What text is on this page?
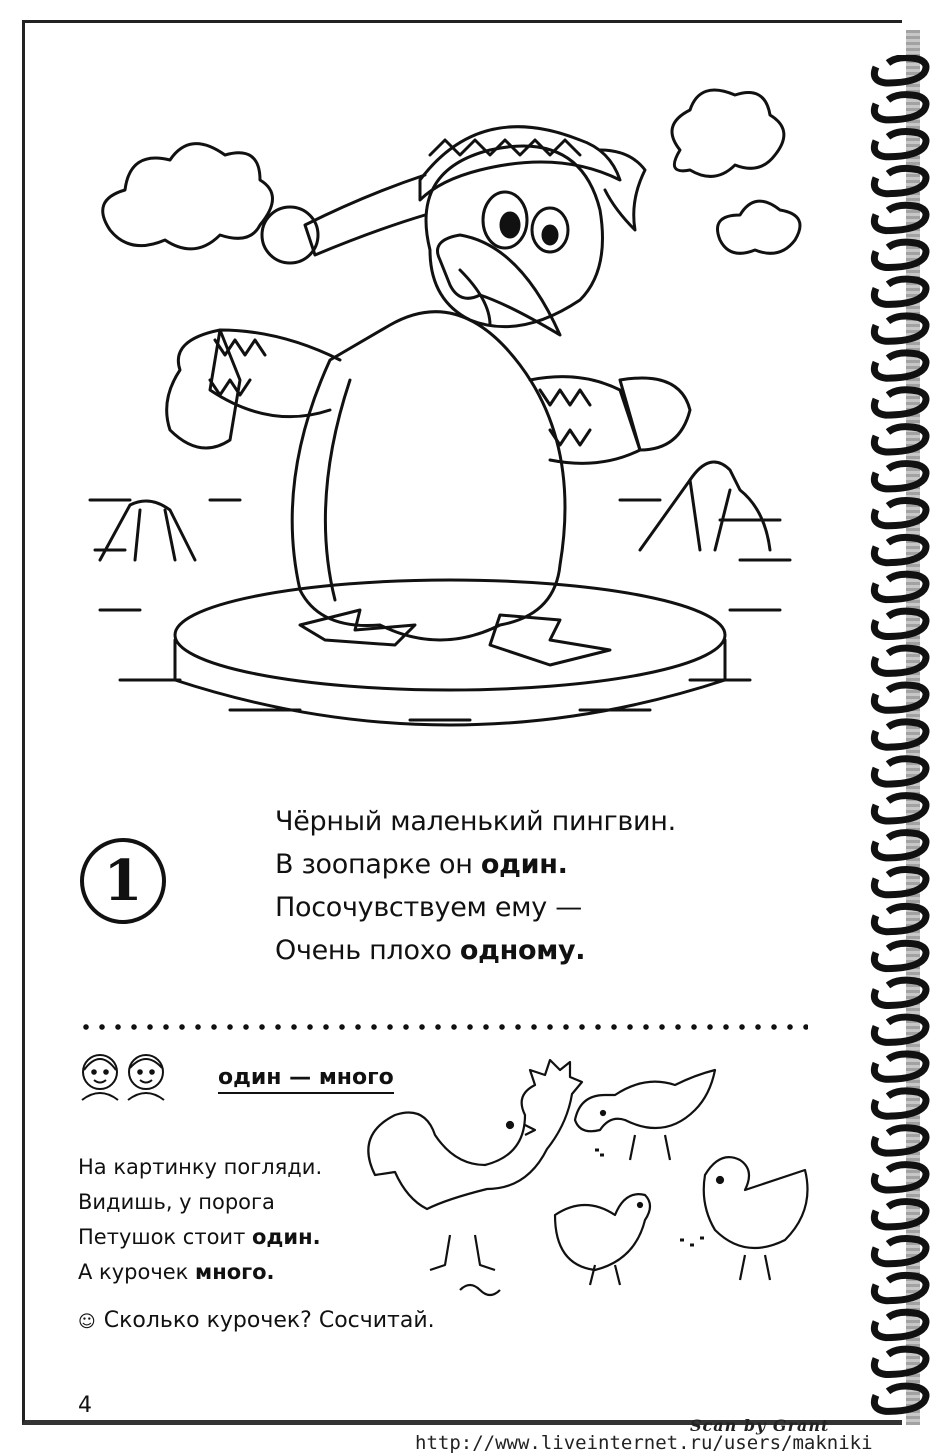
1
Чёрный маленький пингвин.
В зоопарке он один.
Посочувствуем ему —
Очень плохо одному.
один — много
На картинку погляди.
Видишь, у порога
Петушок стоит один.
А курочек много.
☺ Сколько курочек? Сосчитай.
4
Scan by Grant
http://www.liveinternet.ru/users/makniki
